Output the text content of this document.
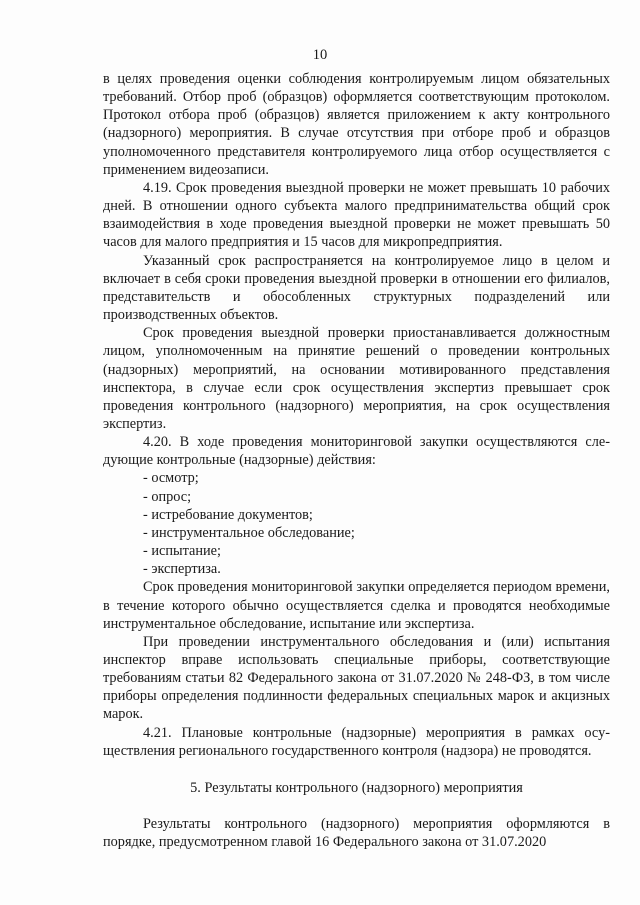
10

в целях проведения оценки соблюдения контролируемым лицом обязательных требований. Отбор проб (образцов) оформляется соответствующим протоколом. Протокол отбора проб (образцов) является приложением к акту контрольного (надзорного) мероприятия. В случае отсутствия при отборе проб и образцов уполномоченного представителя контролируемого лица отбор осуществляется с применением видеозаписи.

4.19. Срок проведения выездной проверки не может превышать 10 рабочих дней. В отношении одного субъекта малого предпринимательства общий срок взаимодействия в ходе проведения выездной проверки не может превышать 50 часов для малого предприятия и 15 часов для микропредприятия.

Указанный срок распространяется на контролируемое лицо в целом и включает в себя сроки проведения выездной проверки в отношении его филиалов, представительств и обособленных структурных подразделений или производственных объектов.

Срок проведения выездной проверки приостанавливается должностным лицом, уполномоченным на принятие решений о проведении контрольных (надзорных) мероприятий, на основании мотивированного представления инспектора, в случае если срок осуществления экспертиз превышает срок проведения контрольного (надзорного) мероприятия, на срок осуществления экспертиз.

4.20. В ходе проведения мониторинговой закупки осуществляются следующие контрольные (надзорные) действия:

- осмотр;
- опрос;
- истребование документов;
- инструментальное обследование;
- испытание;
- экспертиза.

Срок проведения мониторинговой закупки определяется периодом времени, в течение которого обычно осуществляется сделка и проводятся необходимые инструментальное обследование, испытание или экспертиза.

При проведении инструментального обследования и (или) испытания инспектор вправе использовать специальные приборы, соответствующие требованиям статьи 82 Федерального закона от 31.07.2020 № 248-ФЗ, в том числе приборы определения подлинности федеральных специальных марок и акцизных марок.

4.21. Плановые контрольные (надзорные) мероприятия в рамках осуществления регионального государственного контроля (надзора) не проводятся.

5. Результаты контрольного (надзорного) мероприятия

Результаты контрольного (надзорного) мероприятия оформляются в порядке, предусмотренном главой 16 Федерального закона от 31.07.2020
